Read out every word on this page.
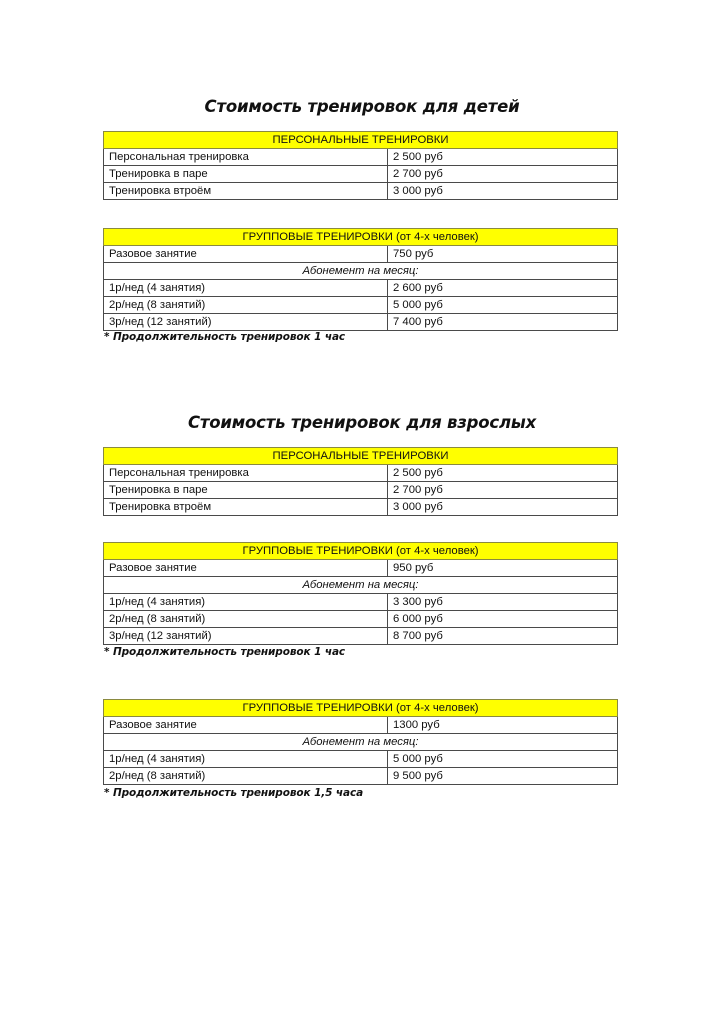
Стоимость тренировок для детей
ПЕРСОНАЛЬНЫЕ ТРЕНИРОВКИ	
Персональная тренировка	2 500 руб
Тренировка в паре	2 700 руб
Тренировка втроём	3 000 руб
ГРУППОВЫЕ ТРЕНИРОВКИ (от 4-х человек)	
Разовое занятие	750 руб
Абонемент на месяц:	
1р/нед (4 занятия)	2 600 руб
2р/нед (8 занятий)	5 000 руб
3р/нед (12 занятий)	7 400 руб
* Продолжительность тренировок 1 час
Стоимость тренировок для взрослых
ПЕРСОНАЛЬНЫЕ ТРЕНИРОВКИ	
Персональная тренировка	2 500 руб
Тренировка в паре	2 700 руб
Тренировка втроём	3 000 руб
ГРУППОВЫЕ ТРЕНИРОВКИ (от 4-х человек)	
Разовое занятие	950 руб
Абонемент на месяц:	
1р/нед (4 занятия)	3 300 руб
2р/нед (8 занятий)	6 000 руб
3р/нед (12 занятий)	8 700 руб
* Продолжительность тренировок 1 час
ГРУППОВЫЕ ТРЕНИРОВКИ (от 4-х человек)	
Разовое занятие	1300 руб
Абонемент на месяц:	
1р/нед (4 занятия)	5 000 руб
2р/нед (8 занятий)	9 500 руб
* Продолжительность тренировок 1,5 часа
